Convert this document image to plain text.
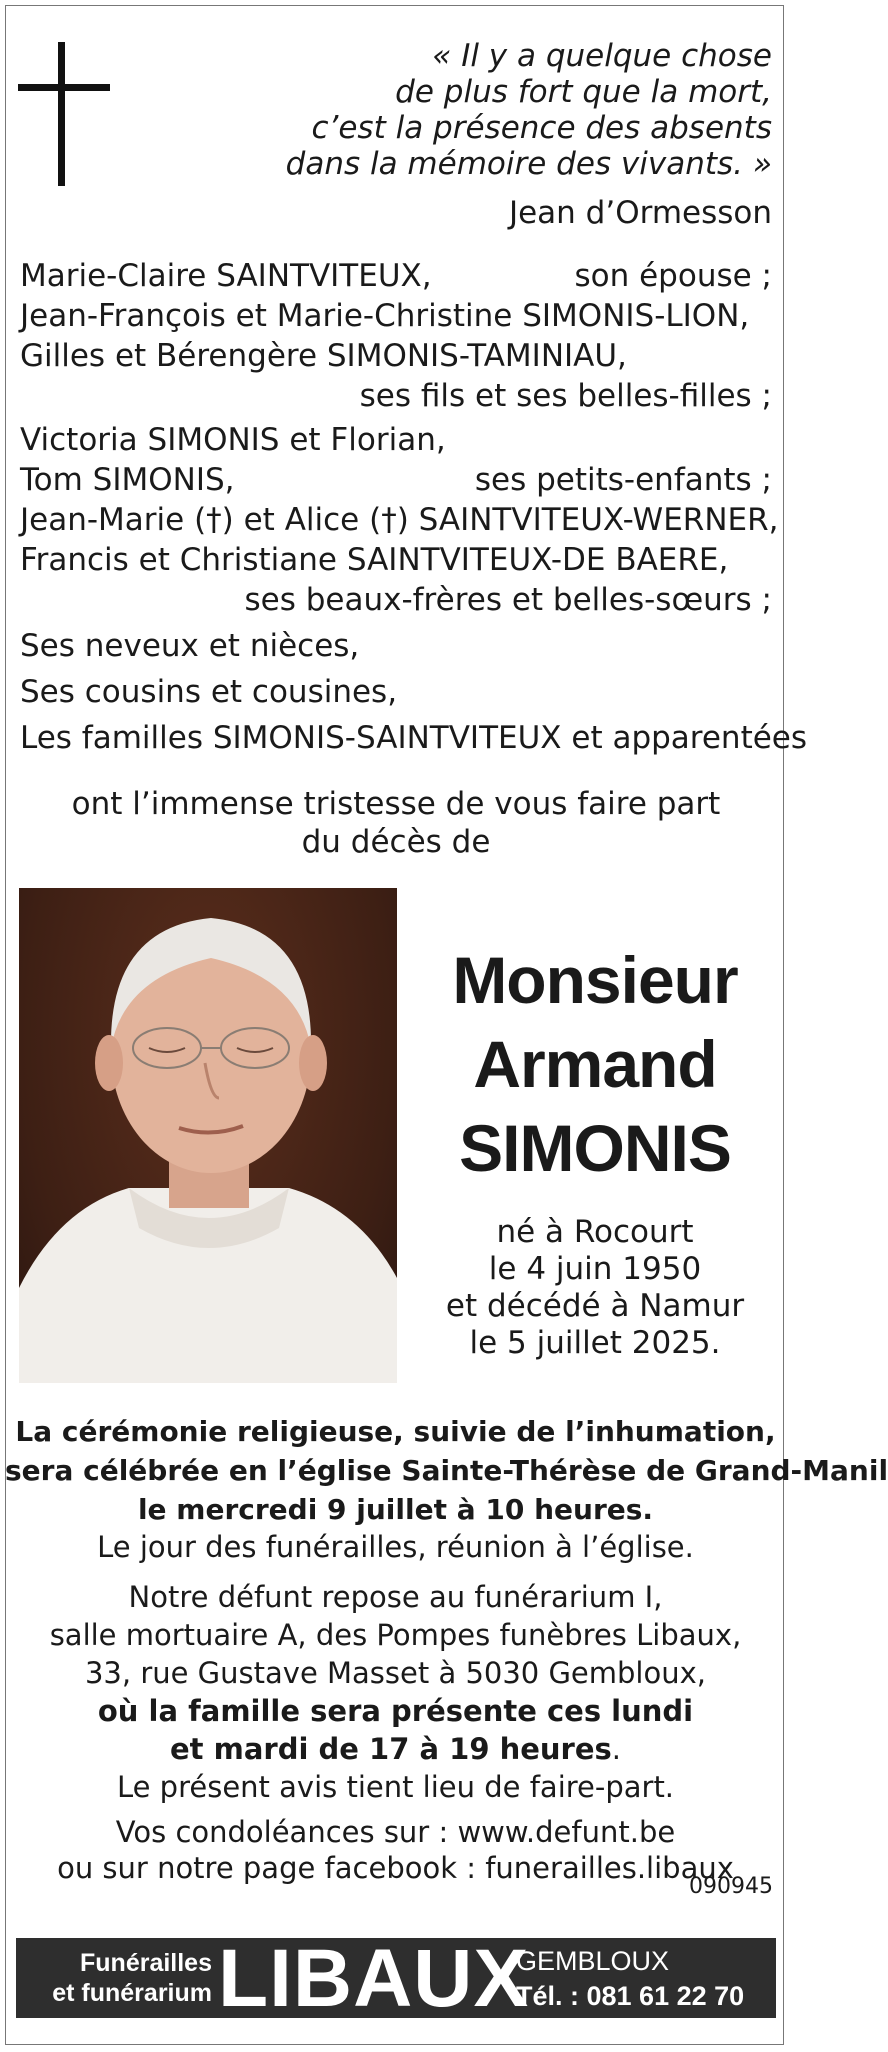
« Il y a quelque chose
de plus fort que la mort,
c’est la présence des absents
dans la mémoire des vivants. »
Jean d’Ormesson
Marie-Claire SAINTVITEUX,	son épouse ;
Jean-François et Marie-Christine SIMONIS-LION,
Gilles et Bérengère SIMONIS-TAMINIAU,
ses fils et ses belles-filles ;
Victoria SIMONIS et Florian,
Tom SIMONIS,	ses petits-enfants ;
Jean-Marie (†) et Alice (†) SAINTVITEUX-WERNER,
Francis et Christiane SAINTVITEUX-DE BAERE,
ses beaux-frères et belles-sœurs ;
Ses neveux et nièces,
Ses cousins et cousines,
Les familles SIMONIS-SAINTVITEUX et apparentées
ont l’immense tristesse de vous faire part
du décès de
Monsieur
Armand
SIMONIS
né à Rocourt
le 4 juin 1950
et décédé à Namur
le 5 juillet 2025.
La cérémonie religieuse, suivie de l’inhumation,
sera célébrée en l’église Sainte-Thérèse de Grand-Manil
le mercredi 9 juillet à 10 heures.
Le jour des funérailles, réunion à l’église.
Notre défunt repose au funérarium I,
salle mortuaire A, des Pompes funèbres Libaux,
33, rue Gustave Masset à 5030 Gembloux,
où la famille sera présente ces lundi
et mardi de 17 à 19 heures.
Le présent avis tient lieu de faire-part.
Vos condoléances sur : www.defunt.be
ou sur notre page facebook : funerailles.libaux
090945
Funérailles
et funérarium LIBAUX
GEMBLOUX
Tél. : 081 61 22 70
